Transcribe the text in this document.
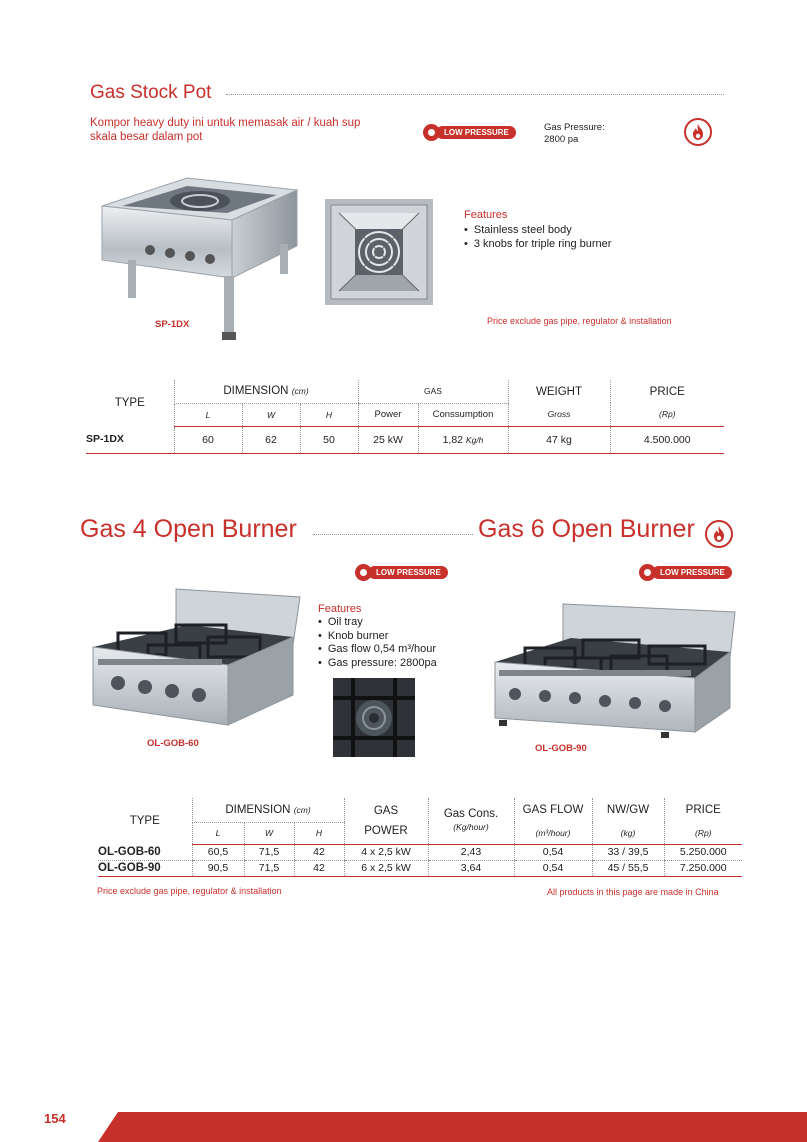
Gas Stock Pot
Kompor heavy duty ini untuk memasak air / kuah sup
skala besar dalam pot	LOW PRESSURE	Gas Pressure:
2800 pa
SP-1DX
Features
• Stainless steel body
• 3 knobs for triple ring burner
Price exclude gas pipe, regulator & installation
TYPE	DIMENSION (cm)			GAS		WEIGHT	PRICE
	L	W	H	Power	Conssumption	Gross	(Rp)
SP-1DX	60	62	50	25 kW	1,82 Kg/h	47 kg	4.500.000
Gas 4 Open Burner	Gas 6 Open Burner
LOW PRESSURE	LOW PRESSURE
OL-GOB-60
Features
• Oil tray
• Knob burner
• Gas flow 0,54 m³/hour
• Gas pressure: 2800pa
OL-GOB-90
TYPE	DIMENSION (cm)			GAS
POWER	Gas Cons.	GAS FLOW	NW/GW	PRICE
	L	W	H		(Kg/hour)	(m³/hour)	(kg)	(Rp)
OL-GOB-60	60,5	71,5	42	4 x 2,5 kW	2,43	0,54	33 / 39,5	5.250.000
OL-GOB-90	90,5	71,5	42	6 x 2,5 kW	3,64	0,54	45 / 55,5	7.250.000
Price exclude gas pipe, regulator & installation	All products in this page are made in China
154
